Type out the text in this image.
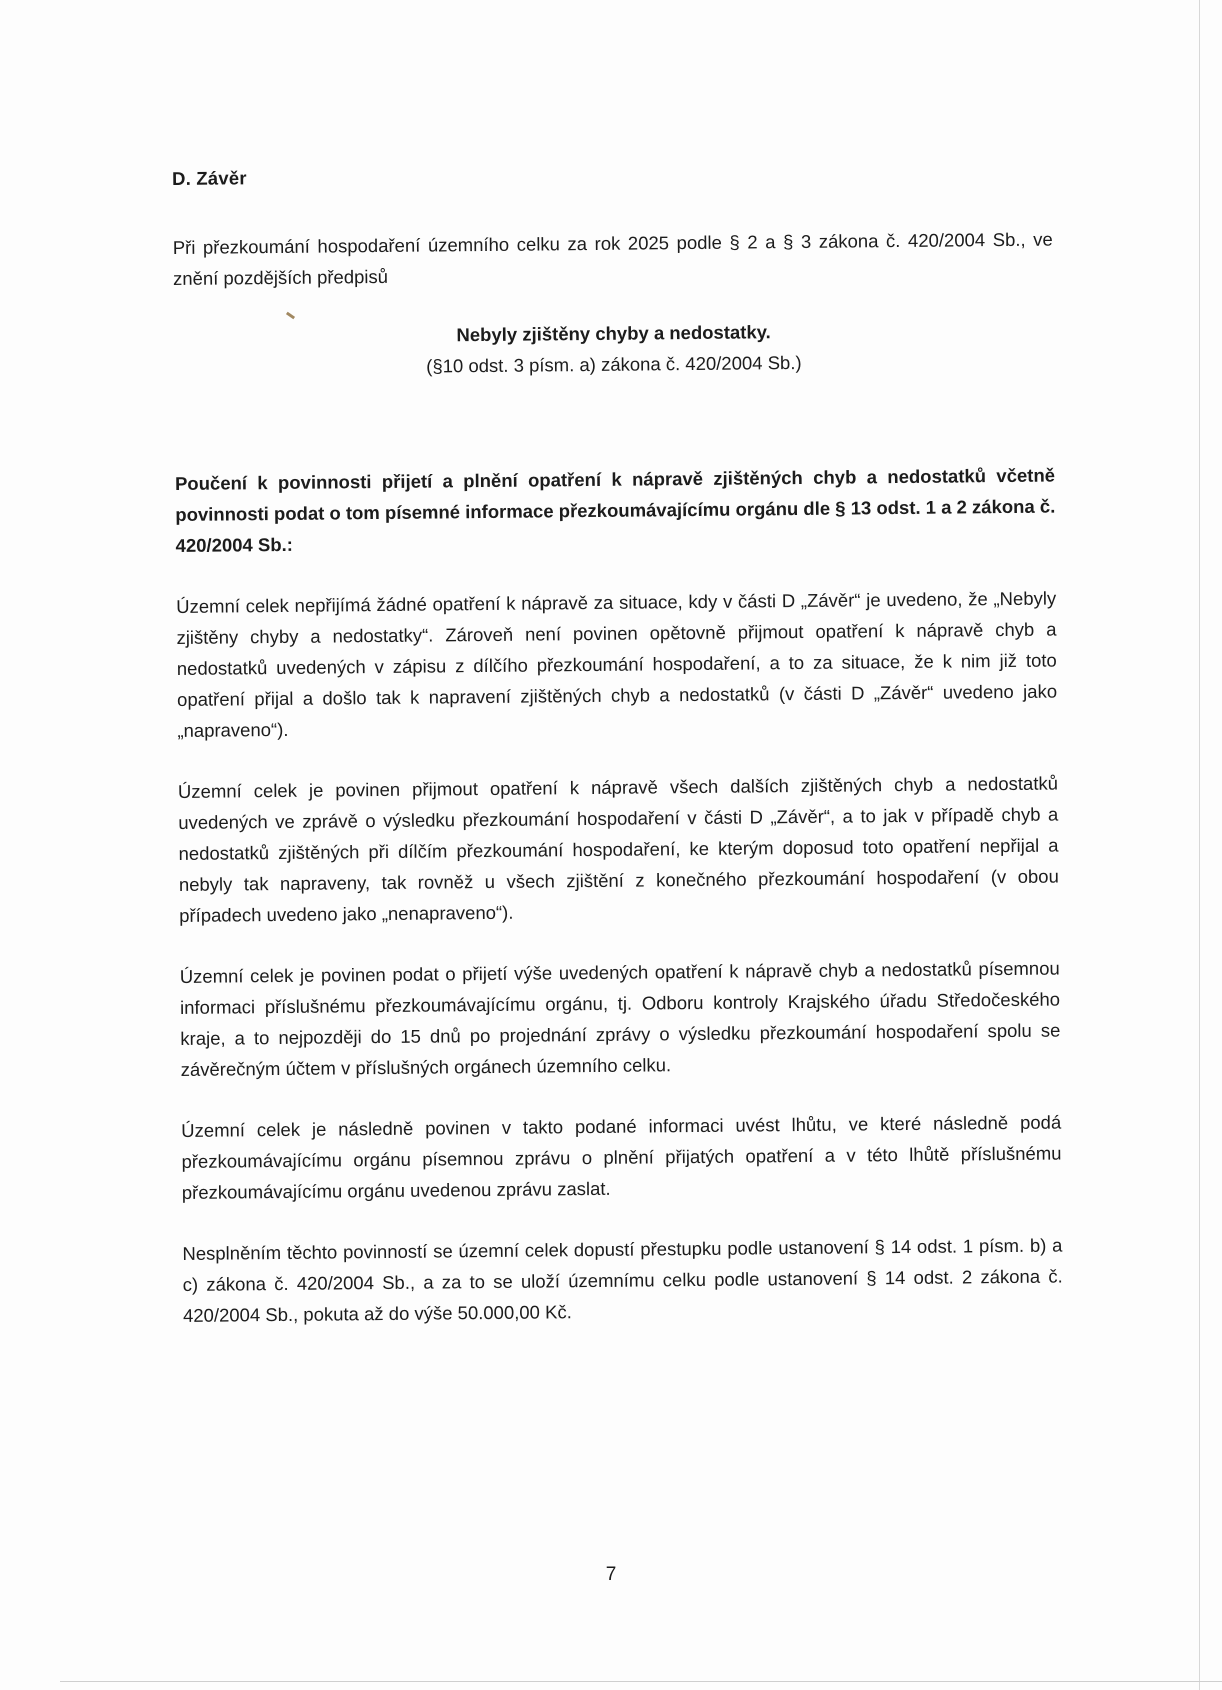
D. Závěr

Při přezkoumání hospodaření územního celku za rok 2025 podle § 2 a § 3 zákona č. 420/2004 Sb., ve znění pozdějších předpisů

Nebyly zjištěny chyby a nedostatky.
(§10 odst. 3 písm. a) zákona č. 420/2004 Sb.)
Poučení k povinnosti přijetí a plnění opatření k nápravě zjištěných chyb a nedostatků včetně povinnosti podat o tom písemné informace přezkoumávajícímu orgánu dle § 13 odst. 1 a 2 zákona č. 420/2004 Sb.:

Územní celek nepřijímá žádné opatření k nápravě za situace, kdy v části D „Závěr“ je uvedeno, že „Nebyly zjištěny chyby a nedostatky“. Zároveň není povinen opětovně přijmout opatření k nápravě chyb a nedostatků uvedených v zápisu z dílčího přezkoumání hospodaření, a to za situace, že k nim již toto opatření přijal a došlo tak k napravení zjištěných chyb a nedostatků (v části D „Závěr“ uvedeno jako „napraveno“).

Územní celek je povinen přijmout opatření k nápravě všech dalších zjištěných chyb a nedostatků uvedených ve zprávě o výsledku přezkoumání hospodaření v části D „Závěr“, a to jak v případě chyb a nedostatků zjištěných při dílčím přezkoumání hospodaření, ke kterým doposud toto opatření nepřijal a nebyly tak napraveny, tak rovněž u všech zjištění z konečného přezkoumání hospodaření (v obou případech uvedeno jako „nenapraveno“).

Územní celek je povinen podat o přijetí výše uvedených opatření k nápravě chyb a nedostatků písemnou informaci příslušnému přezkoumávajícímu orgánu, tj. Odboru kontroly Krajského úřadu Středočeského kraje, a to nejpozději do 15 dnů po projednání zprávy o výsledku přezkoumání hospodaření spolu se závěrečným účtem v příslušných orgánech územního celku.

Územní celek je následně povinen v takto podané informaci uvést lhůtu, ve které následně podá přezkoumávajícímu orgánu písemnou zprávu o plnění přijatých opatření a v této lhůtě příslušnému přezkoumávajícímu orgánu uvedenou zprávu zaslat.

Nesplněním těchto povinností se územní celek dopustí přestupku podle ustanovení § 14 odst. 1 písm. b) a c) zákona č. 420/2004 Sb., a za to se uloží územnímu celku podle ustanovení § 14 odst. 2 zákona č. 420/2004 Sb., pokuta až do výše 50.000,00 Kč.

7
